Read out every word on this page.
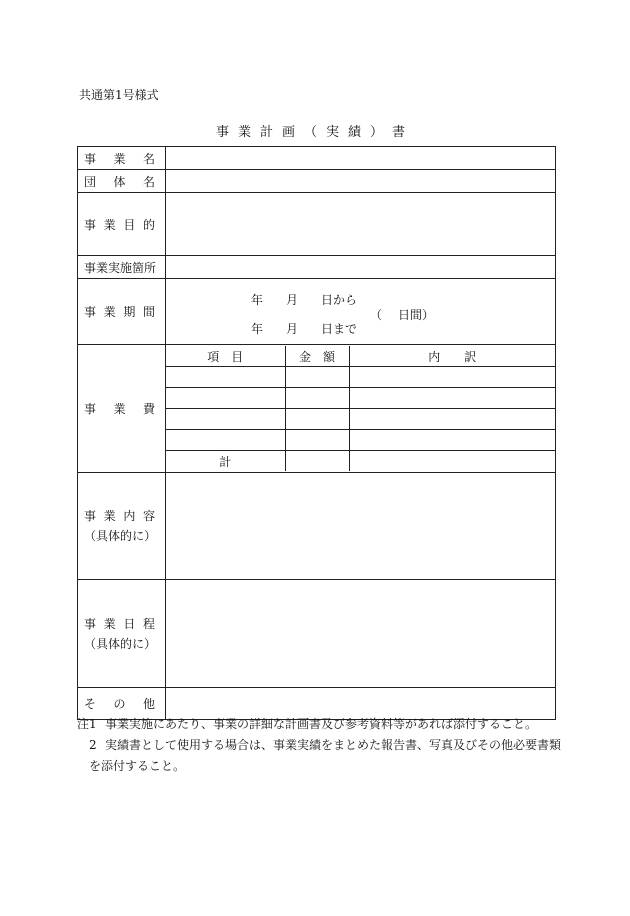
共通第1号様式
事業計画（実績）書
事 業 名

団 体 名

事 業 目 的

事業実施箇所	

事 業 期 間

年 月 日から
（ 日間）
年 月 日まで

事 業 費

項　目	金　額	内　　訳

計		

事 業 内 容
（ 具 体 的 に ）

事 業 日 程
（ 具 体 的 に ）

そ の 他

注1 事業実施にあたり、事業の詳細な計画書及び参考資料等があれば添付すること。
2 実績書として使用する場合は、事業実績をまとめた報告書、写真及びその他必要書類
を添付すること。
